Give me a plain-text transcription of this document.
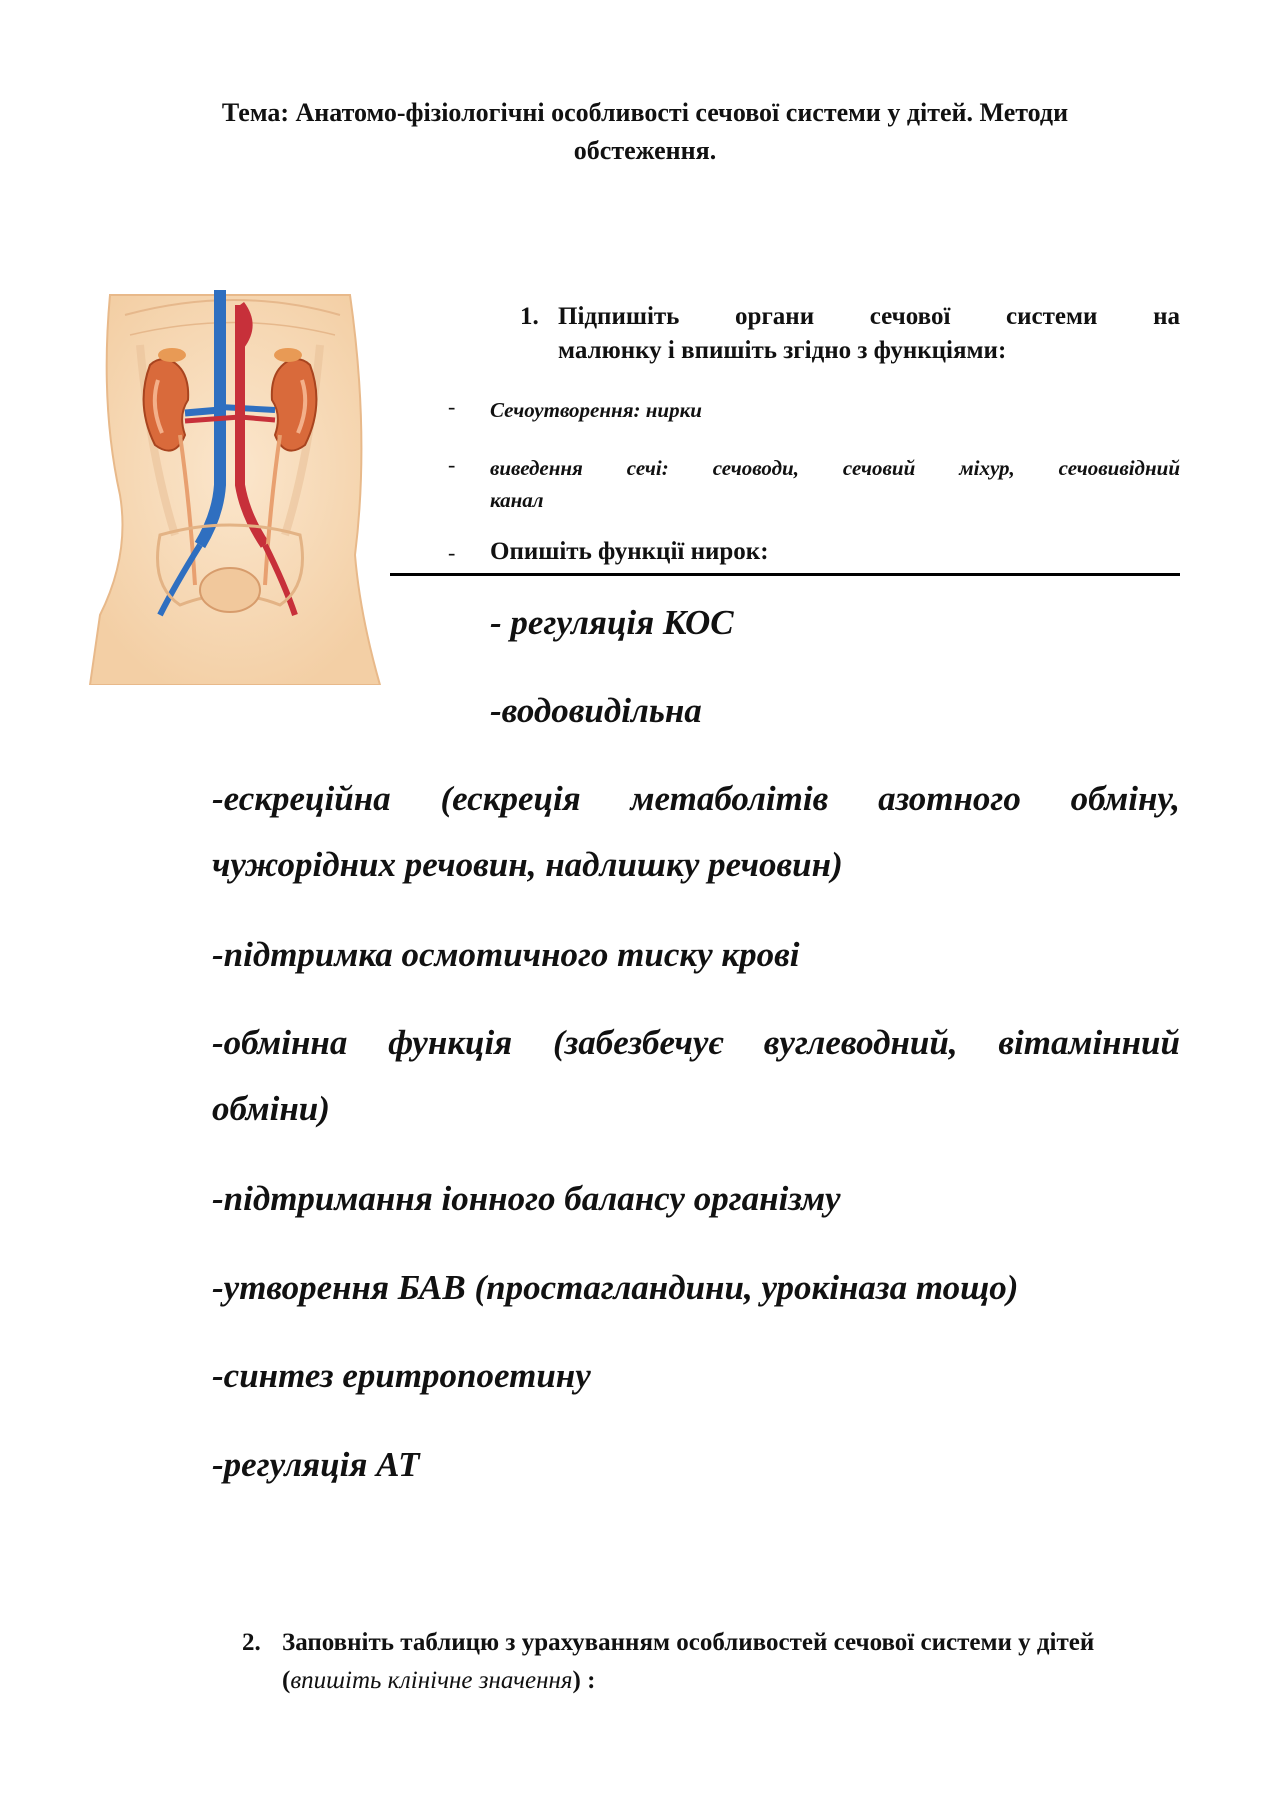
Тема: Анатомо-фізіологічні особливості сечової системи у дітей. Методи обстеження.
1. Підпишіть органи сечової системи на
малюнку і впишіть згідно з функціями:
- Сечоутворення: нирки
- виведення сечі: сечоводи, сечовий міхур, сечовивідний
канал
- Опишіть функції нирок:
- регуляція КОС
-водовидільна
-ескреційна (ескреція метаболітів азотного обміну,
чужорідних речовин, надлишку речовин)
-підтримка осмотичного тиску крові
-обмінна функція (забезбечує вуглеводний, вітамінний
обміни)
-підтримання іонного балансу організму
-утворення БАВ (простагландини, урокіназа тощо)
-синтез еритропоетину
-регуляція АТ
2. Заповніть таблицю з урахуванням особливостей сечової системи у дітей (впишіть клінічне значення) :
